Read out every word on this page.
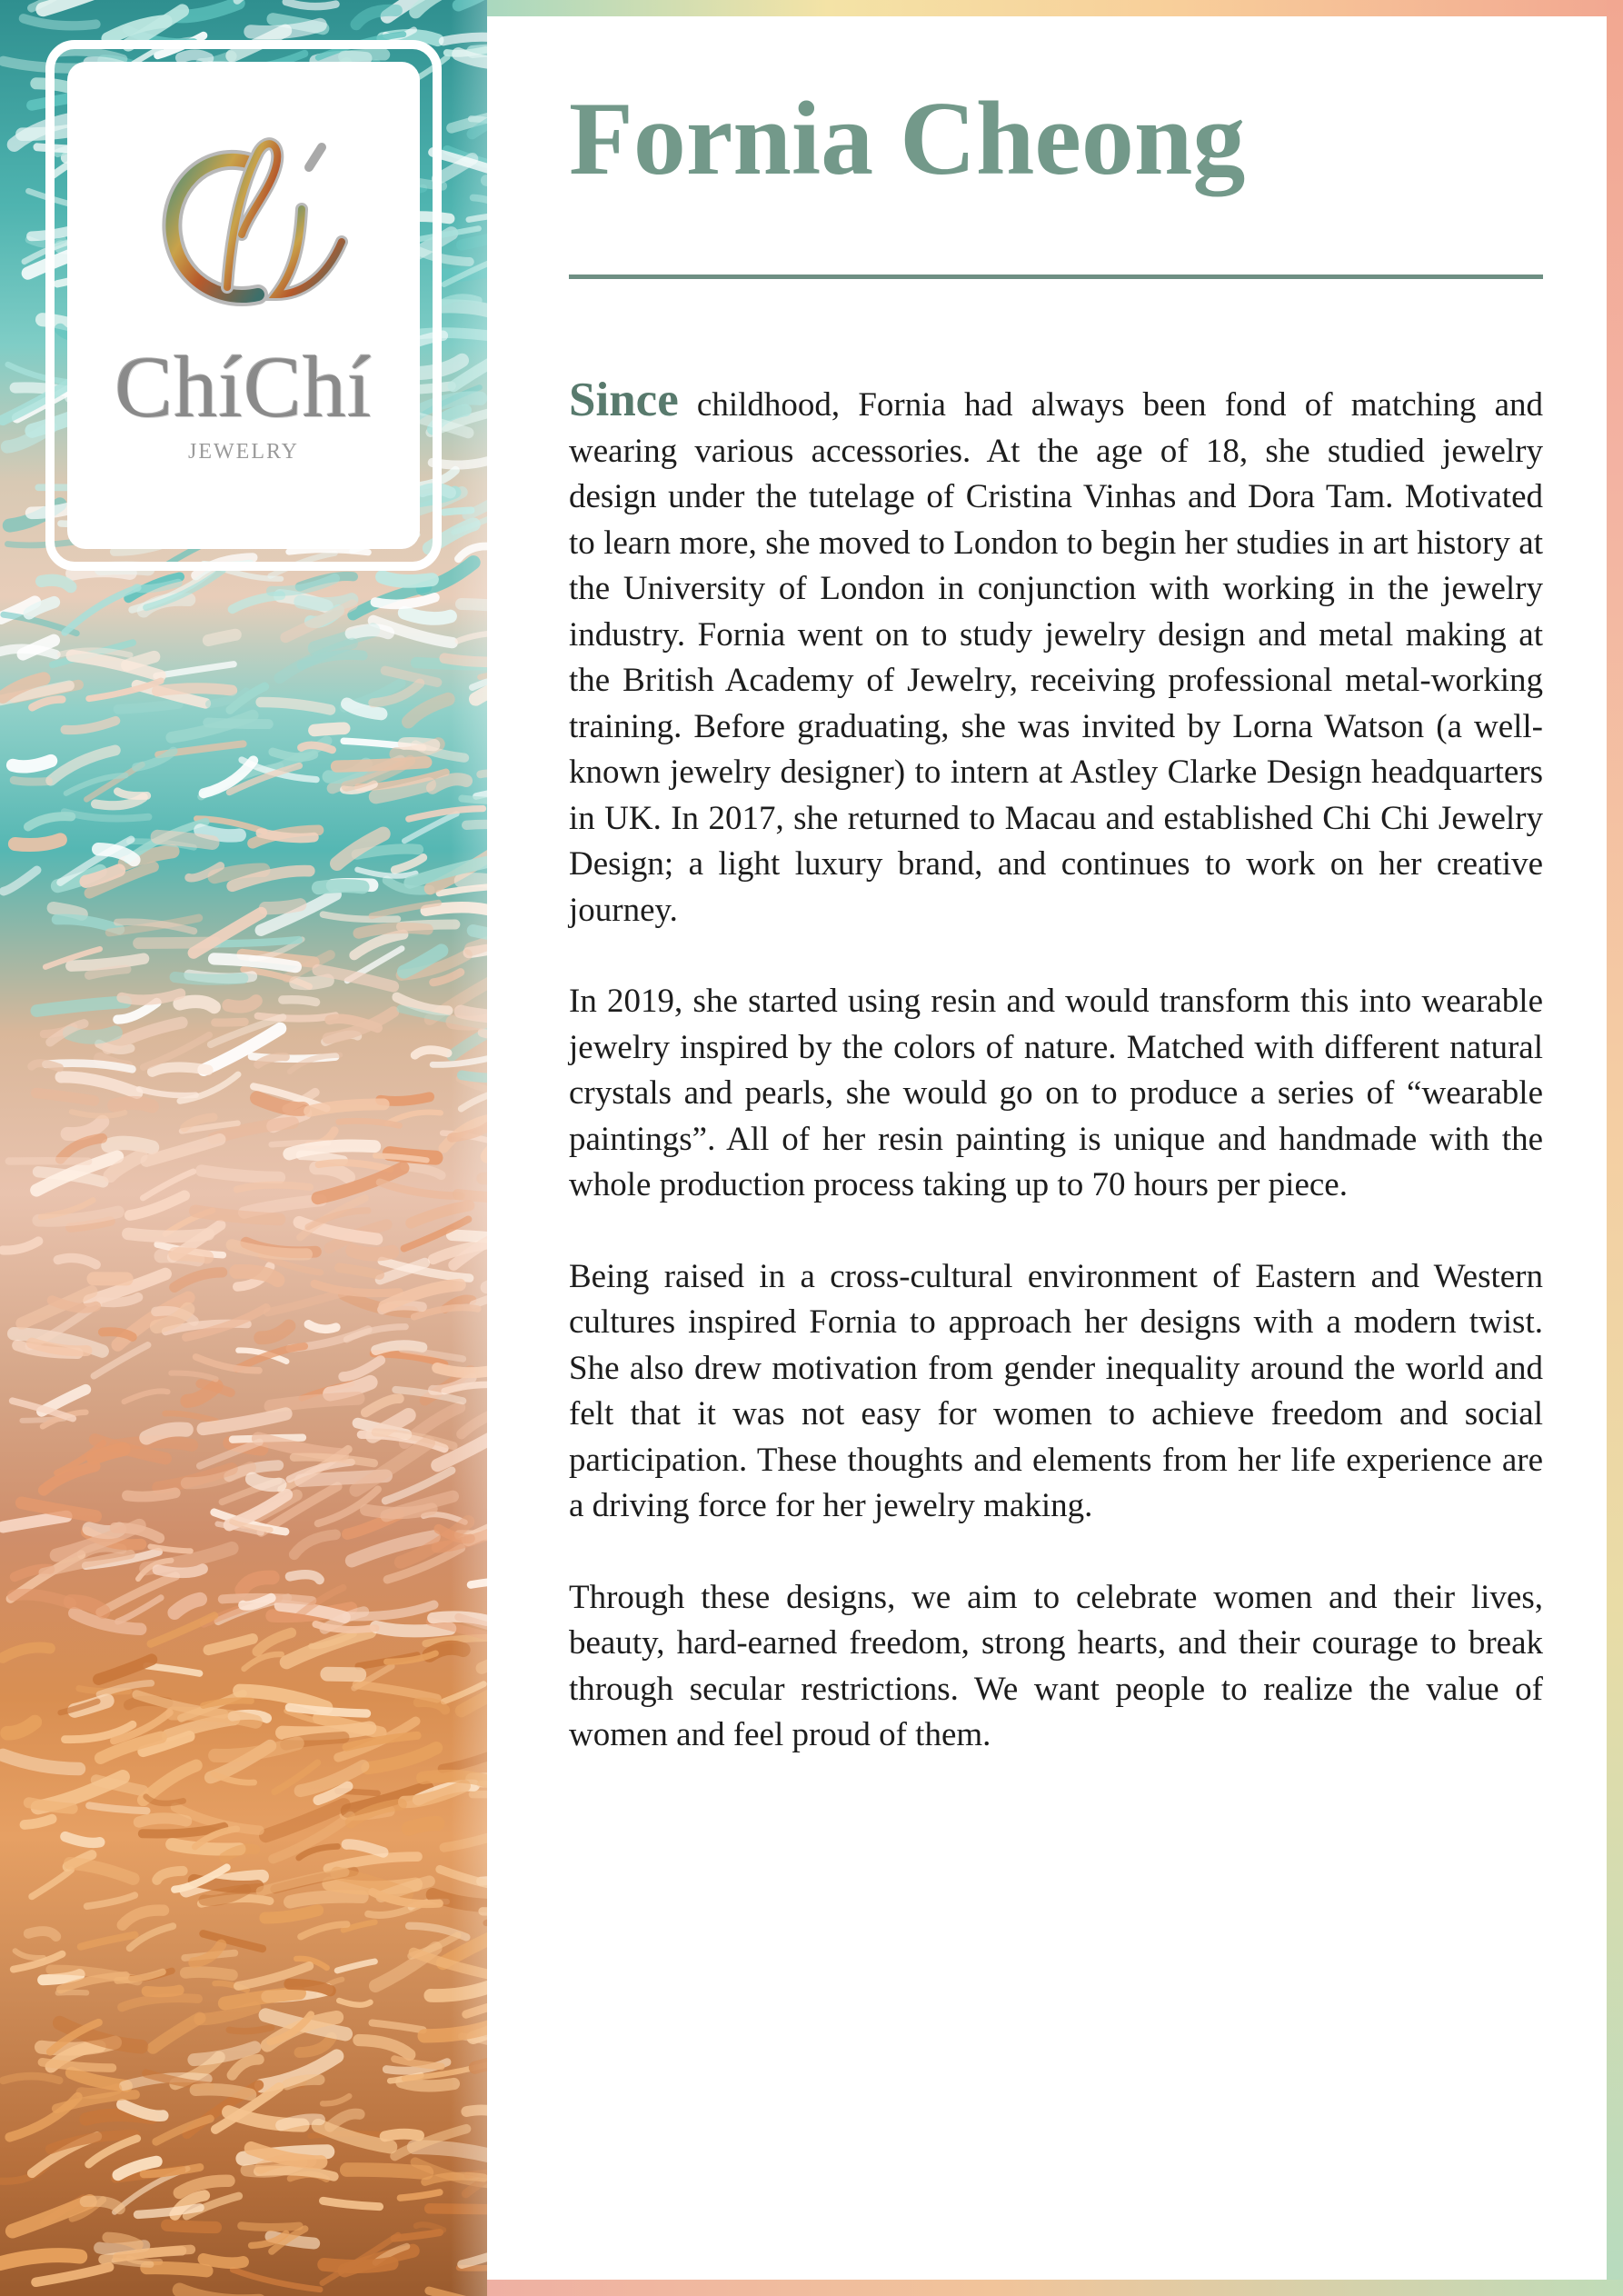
ChíChí
JEWELRY
Fornia Cheong

Since childhood, Fornia had always been fond of matching and wearing various accessories. At the age of 18, she studied jewelry design under the tutelage of Cristina Vinhas and Dora Tam. Motivated to learn more, she moved to London to begin her studies in art history at the University of London in conjunction with working in the jewelry industry. Fornia went on to study jewelry design and metal making at the British Academy of Jewelry, receiving professional metal-working training. Before graduating, she was invited by Lorna Watson (a well-known jewelry designer) to intern at Astley Clarke Design headquarters in UK. In 2017, she returned to Macau and established Chi Chi Jewelry Design; a light luxury brand, and continues to work on her creative journey.

In 2019, she started using resin and would transform this into wearable jewelry inspired by the colors of nature. Matched with different natural crystals and pearls, she would go on to produce a series of “wearable paintings”. All of her resin painting is unique and handmade with the whole production process taking up to 70 hours per piece.

Being raised in a cross-cultural environment of Eastern and Western cultures inspired Fornia to approach her designs with a modern twist. She also drew motivation from gender inequality around the world and felt that it was not easy for women to achieve freedom and social participation. These thoughts and elements from her life experience are a driving force for her jewelry making.

Through these designs, we aim to celebrate women and their lives, beauty, hard-earned freedom, strong hearts, and their courage to break through secular restrictions. We want people to realize the value of women and feel proud of them.
